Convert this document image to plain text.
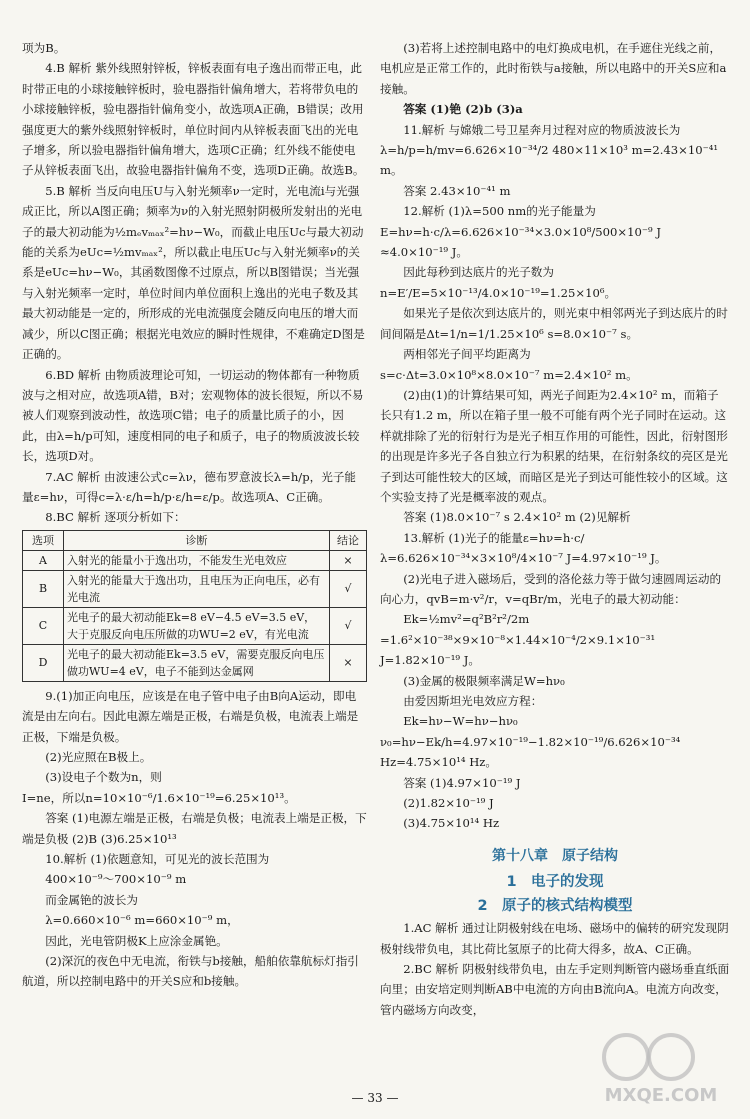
项为B。

4.B 解析 紫外线照射锌板，锌板表面有电子逸出而带正电，此时带正电的小球接触锌板时，验电器指针偏角增大，若将带负电的小球接触锌板，验电器指针偏角变小，故选项A正确，B错误；改用强度更大的紫外线照射锌板时，单位时间内从锌板表面飞出的光电子增多，所以验电器指针偏角增大，选项C正确；红外线不能使电子从锌板表面飞出，故验电器指针偏角不变，选项D正确。故选B。

5.B 解析 当反向电压U与入射光频率ν一定时，光电流i与光强成正比，所以A图正确；频率为ν的入射光照射阴极所发射出的光电子的最大初动能为½mₑvₘₐₓ²=hν−W₀，而截止电压Uc与最大初动能的关系为eUc=½mvₘₐₓ²，所以截止电压Uc与入射光频率ν的关系是eUc=hν−W₀，其函数图像不过原点，所以B图错误；当光强与入射光频率一定时，单位时间内单位面积上逸出的光电子数及其最大初动能是一定的，所形成的光电流强度会随反向电压的增大而减少，所以C图正确；根据光电效应的瞬时性规律，不难确定D图是正确的。

6.BD 解析 由物质波理论可知，一切运动的物体都有一种物质波与之相对应，故选项A错，B对；宏观物体的波长很短，所以不易被人们观察到波动性，故选项C错；电子的质量比质子的小，因此，由λ=h/p可知，速度相同的电子和质子，电子的物质波波长较长，选项D对。

7.AC 解析 由波速公式c=λν，德布罗意波长λ=h/p，光子能量ε=hν，可得c=λ·ε/h=h/p·ε/h=ε/p。故选项A、C正确。

8.BC 解析 逐项分析如下：

选项	诊断	结论
A	入射光的能量小于逸出功，不能发生光电效应	×
B	入射光的能量大于逸出功，且电压为正向电压，必有光电流	√
C	光电子的最大初动能Ek=8 eV−4.5 eV=3.5 eV，大于克服反向电压所做的功WU=2 eV，有光电流	√
D	光电子的最大初动能Ek=3.5 eV，需要克服反向电压做功WU=4 eV，电子不能到达金属网	×

9.(1)加正向电压，应该是在电子管中电子由B向A运动，即电流是由左向右。因此电源左端是正极，右端是负极，电流表上端是正极，下端是负极。

(2)光应照在B极上。

(3)设电子个数为n，则

I=ne，所以n=10×10⁻⁶/1.6×10⁻¹⁹=6.25×10¹³。

答案 (1)电源左端是正极，右端是负极；电流表上端是正极，下端是负极 (2)B (3)6.25×10¹³

10.解析 (1)依题意知，可见光的波长范围为

400×10⁻⁹～700×10⁻⁹ m

而金属铯的波长为

λ=0.660×10⁻⁶ m=660×10⁻⁹ m，

因此，光电管阴极K上应涂金属铯。

(2)深沉的夜色中无电流，衔铁与b接触，船舶依靠航标灯指引航道，所以控制电路中的开关S应和b接触。

(3)若将上述控制电路中的电灯换成电机，在手遮住光线之前，电机应是正常工作的，此时衔铁与a接触，所以电路中的开关S应和a接触。

答案 (1)铯 (2)b (3)a

11.解析 与嫦娥二号卫星奔月过程对应的物质波波长为λ=h/p=h/mv=6.626×10⁻³⁴/2 480×11×10³ m=2.43×10⁻⁴¹ m。

答案 2.43×10⁻⁴¹ m

12.解析 (1)λ=500 nm的光子能量为

E=hν=h·c/λ=6.626×10⁻³⁴×3.0×10⁸/500×10⁻⁹ J

≈4.0×10⁻¹⁹ J。

因此每秒到达底片的光子数为

n=E′/E=5×10⁻¹³/4.0×10⁻¹⁹=1.25×10⁶。

如果光子是依次到达底片的，则光束中相邻两光子到达底片的时间间隔是Δt=1/n=1/1.25×10⁶ s=8.0×10⁻⁷ s。

两相邻光子间平均距离为

s=c·Δt=3.0×10⁸×8.0×10⁻⁷ m=2.4×10² m。

(2)由(1)的计算结果可知，两光子间距为2.4×10² m，而箱子长只有1.2 m，所以在箱子里一般不可能有两个光子同时在运动。这样就排除了光的衍射行为是光子相互作用的可能性，因此，衍射图形的出现是许多光子各自独立行为积累的结果，在衍射条纹的亮区是光子到达可能性较大的区域，而暗区是光子到达可能性较小的区域。这个实验支持了光是概率波的观点。

答案 (1)8.0×10⁻⁷ s 2.4×10² m (2)见解析

13.解析 (1)光子的能量ε=hν=h·c/λ=6.626×10⁻³⁴×3×10⁸/4×10⁻⁷ J=4.97×10⁻¹⁹ J。

(2)光电子进入磁场后，受到的洛伦兹力等于做匀速圆周运动的向心力，qvB=m·v²/r，v=qBr/m，光电子的最大初动能：

Ek=½mv²=q²B²r²/2m

=1.6²×10⁻³⁸×9×10⁻⁸×1.44×10⁻⁴/2×9.1×10⁻³¹ J=1.82×10⁻¹⁹ J。

(3)金属的极限频率满足W=hν₀

由爱因斯坦光电效应方程：

Ek=hν−W=hν−hν₀

ν₀=hν−Ek/h=4.97×10⁻¹⁹−1.82×10⁻¹⁹/6.626×10⁻³⁴ Hz=4.75×10¹⁴ Hz。

答案 (1)4.97×10⁻¹⁹ J

(2)1.82×10⁻¹⁹ J

(3)4.75×10¹⁴ Hz

第十八章　原子结构
1　电子的发现
2　原子的核式结构模型

1.AC 解析 通过让阴极射线在电场、磁场中的偏转的研究发现阴极射线带负电，其比荷比氢原子的比荷大得多，故A、C正确。

2.BC 解析 阴极射线带负电，由左手定则判断管内磁场垂直纸面向里；由安培定则判断AB中电流的方向由B流向A。电流方向改变，管内磁场方向改变，

— 33 —	MXQE.COM
